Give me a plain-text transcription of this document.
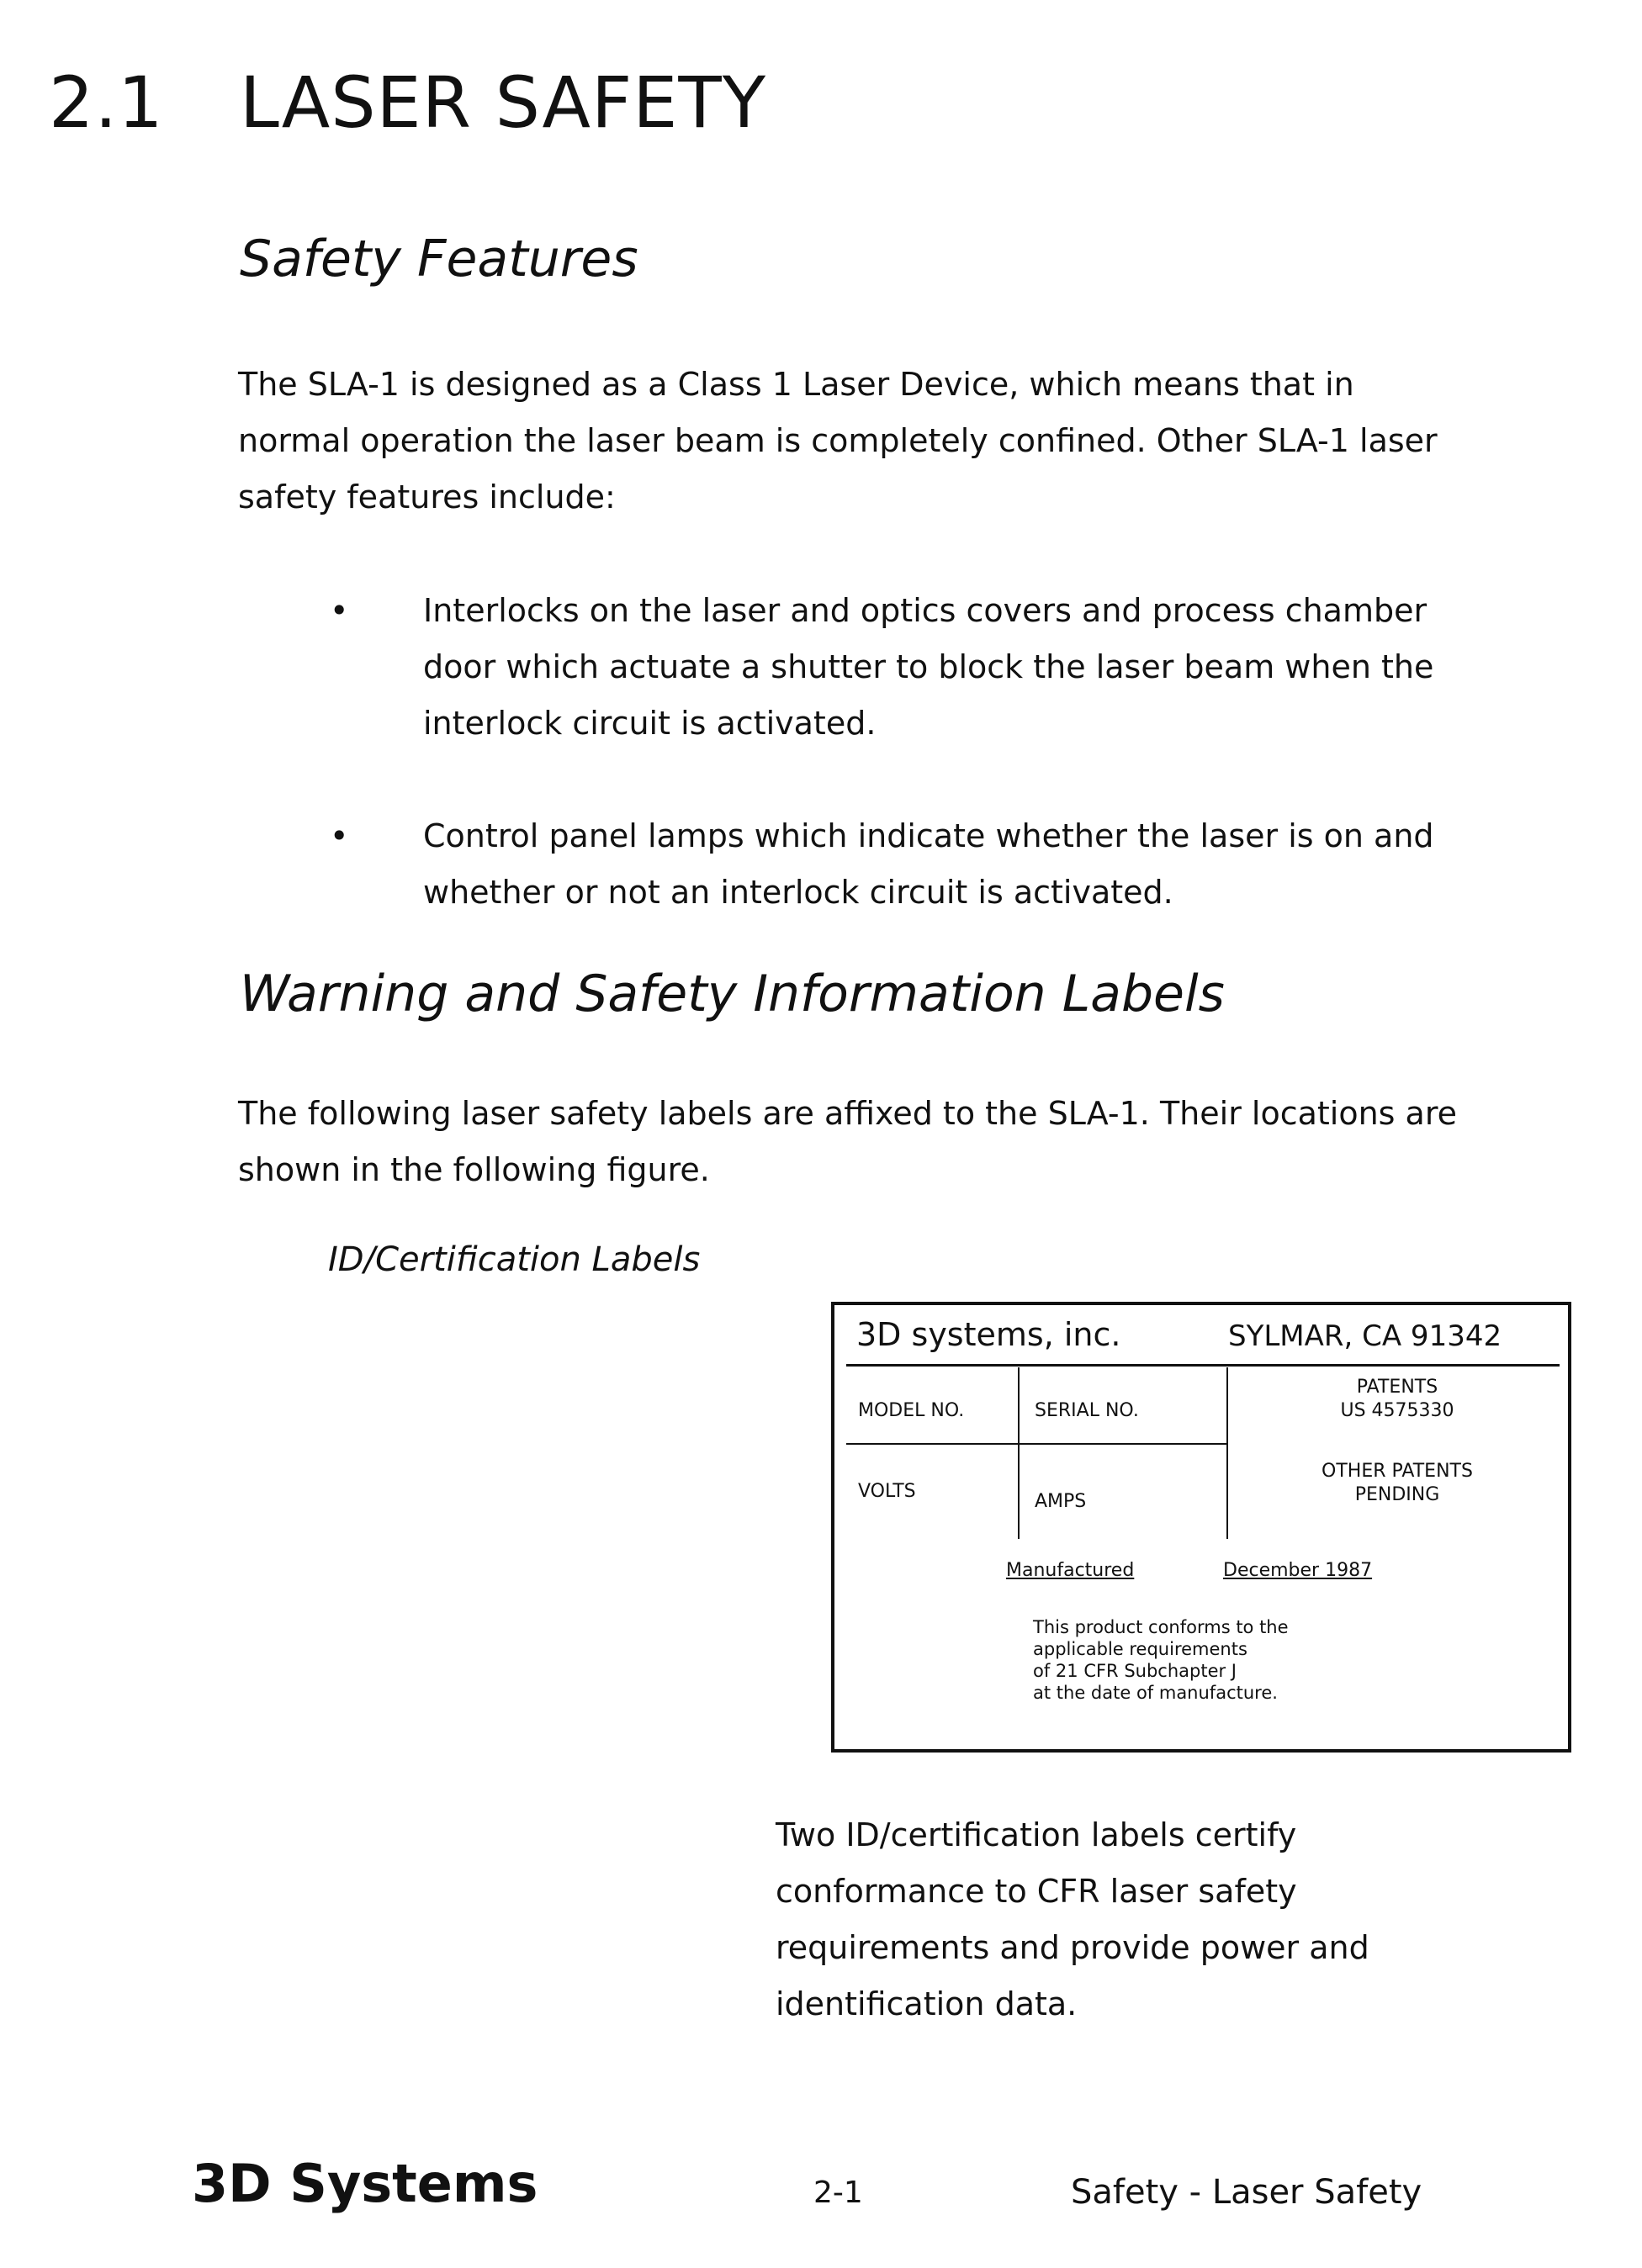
2.1 LASER SAFETY
Safety Features
The SLA-1 is designed as a Class 1 Laser Device, which means that in
normal operation the laser beam is completely confined. Other SLA-1 laser
safety features include:
• Interlocks on the laser and optics covers and process chamber
door which actuate a shutter to block the laser beam when the
interlock circuit is activated.
• Control panel lamps which indicate whether the laser is on and
whether or not an interlock circuit is activated.
Warning and Safety Information Labels
The following laser safety labels are affixed to the SLA-1. Their locations are
shown in the following figure.
ID/Certification Labels
3D systems, inc.	SYLMAR, CA 91342
MODEL NO.	SERIAL NO.
PATENTS
US 4575330
VOLTS	AMPS
OTHER PATENTS
PENDING
Manufactured	December 1987
This product conforms to the
applicable requirements
of 21 CFR Subchapter J
at the date of manufacture.
Two ID/certification labels certify
conformance to CFR laser safety
requirements and provide power and
identification data.
3D Systems	2-1	Safety - Laser Safety
